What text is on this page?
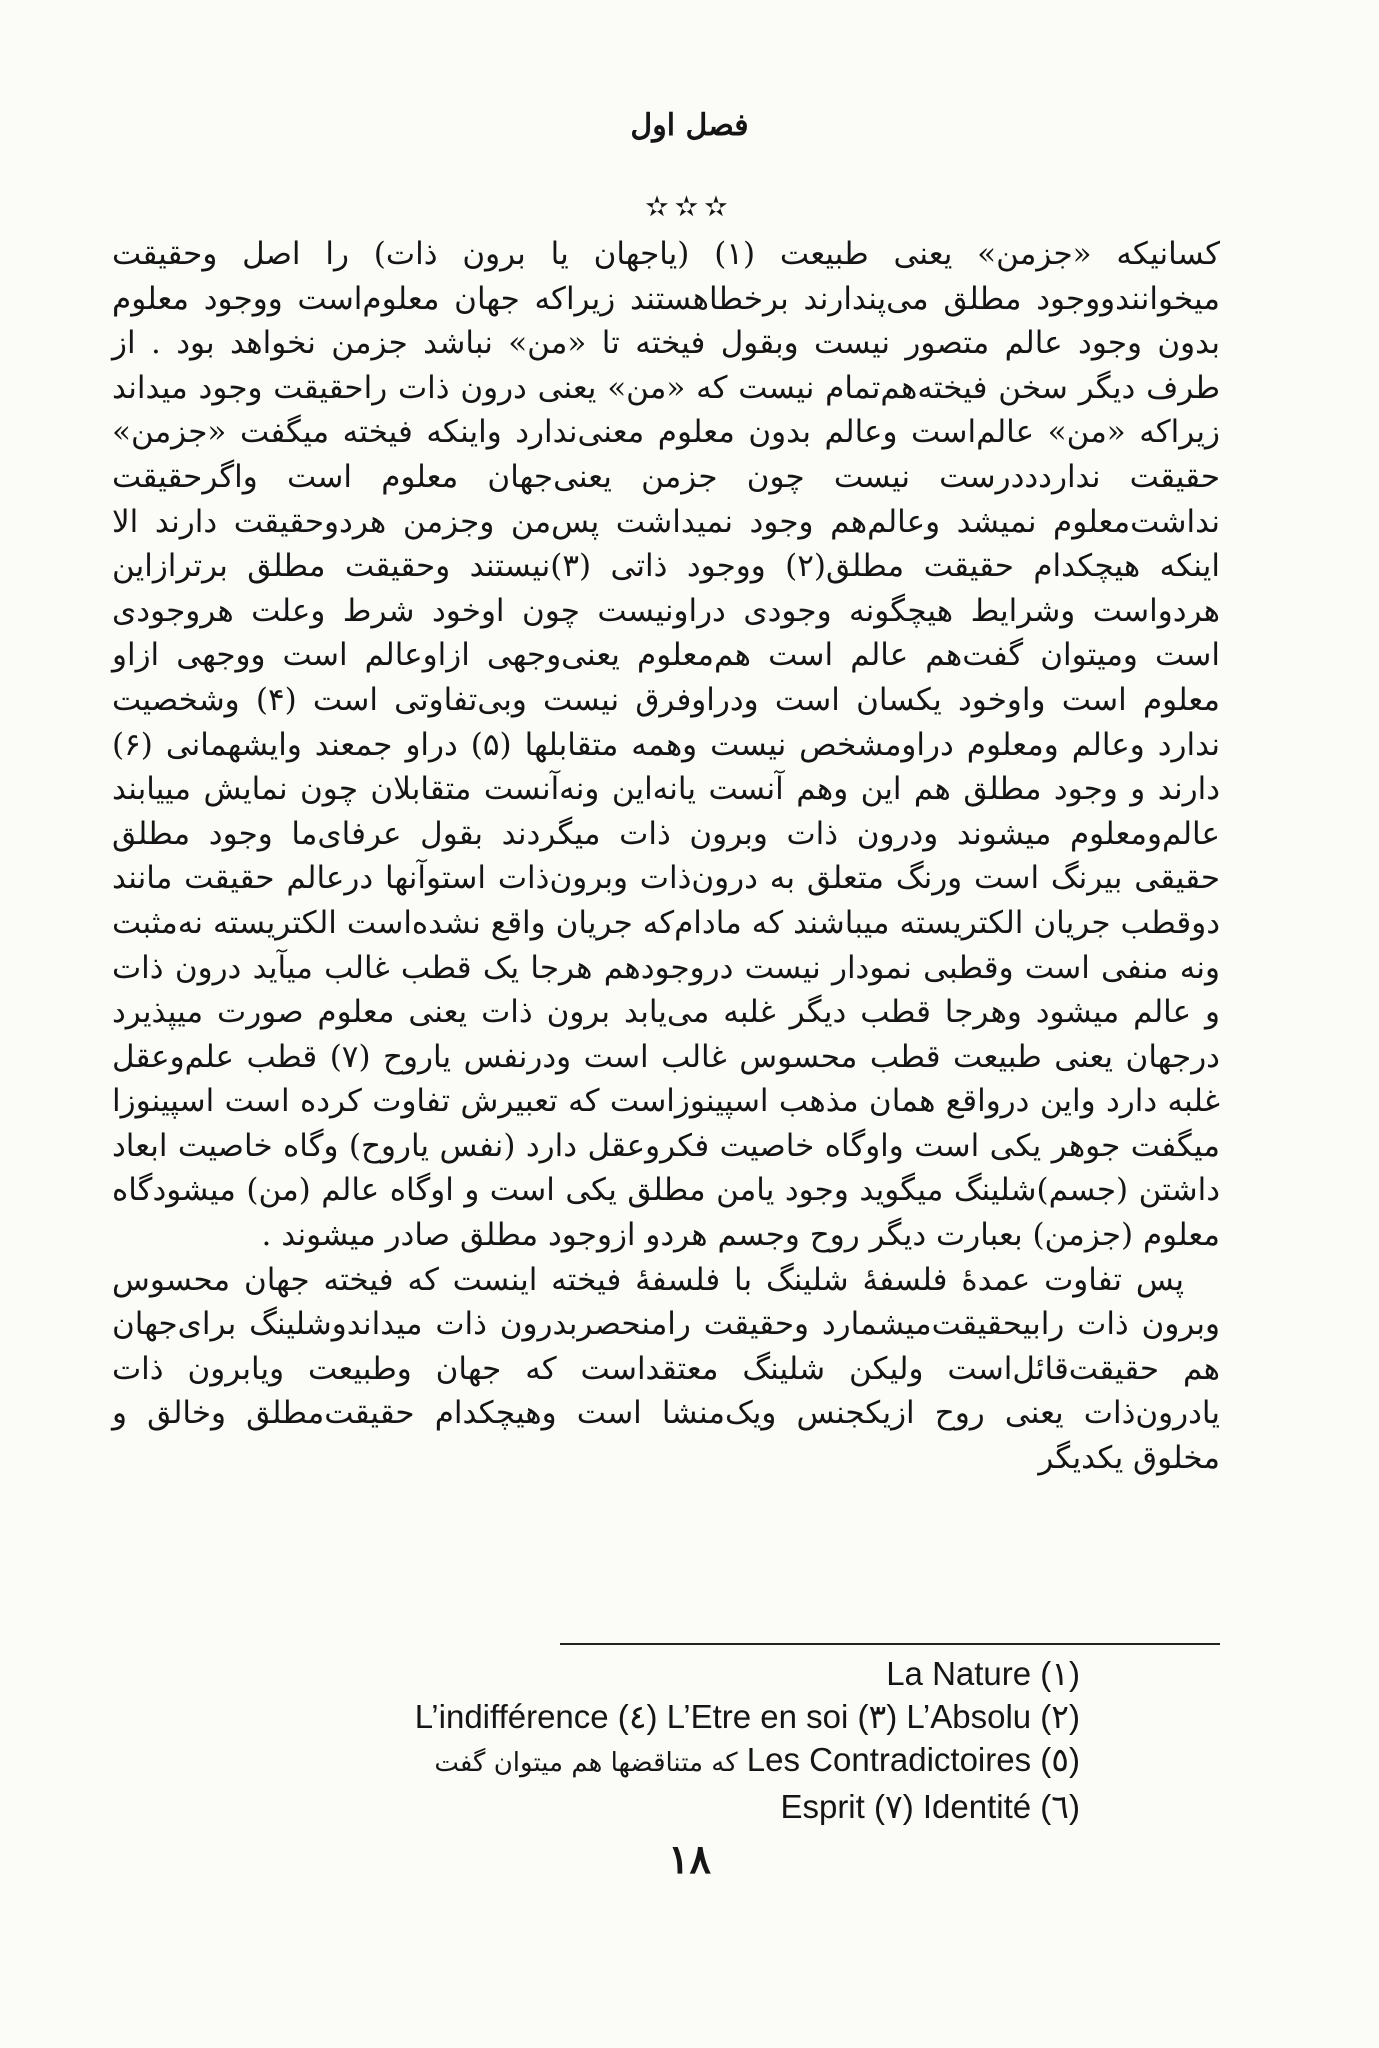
فصل اول
✫✫✫

کسانیکه «جزمن» یعنی طبیعت (۱) (یاجهان یا برون ذات) را اصل وحقیقت میخوانندووجود مطلق می‌پندارند برخطاهستند زیراکه جهان معلوم‌است ووجود معلوم بدون وجود عالم متصور نیست وبقول فیخته تا «من» نباشد جزمن نخواهد بود . از طرف دیگر سخن فیخته‌هم‌تمام نیست که «من» یعنی درون ذات راحقیقت وجود میداند زیراکه «من» عالم‌است وعالم بدون معلوم معنی‌ندارد واینکه فیخته میگفت «جزمن» حقیقت نداردددرست نیست چون جزمن یعنی‌جهان معلوم است واگرحقیقت نداشت‌معلوم نمیشد وعالم‌هم وجود نمیداشت پس‌من وجزمن هردوحقیقت دارند الا اینکه هیچکدام حقیقت مطلق(۲) ووجود ذاتی (۳)نیستند وحقیقت مطلق برتراز‌این هردواست وشرایط هیچگونه وجودی دراونیست چون اوخود شرط وعلت هروجودی است ومیتوان گفت‌هم عالم است هم‌معلوم یعنی‌وجهی ازاوعالم است ووجهی ازاو معلوم است واوخود یکسان است ودراوفرق نیست وبی‌تفاوتی است (۴) وشخصیت ندارد وعالم ومعلوم دراومشخص نیست وهمه متقابلها (۵) دراو جمعند وایشهمانی (۶) دارند و وجود مطلق هم این وهم آنست یانه‌این ونه‌آنست متقابلان چون نمایش مییابند عالم‌ومعلوم میشوند ودرون ذات وبرون ذات میگردند بقول عرفای‌ما وجود مطلق حقیقی بیرنگ است ورنگ متعلق به درون‌ذات وبرون‌ذات استوآنها درعالم حقیقت مانند دوقطب جریان الکتریسته میباشند که مادام‌که جریان واقع نشده‌است الکتریسته نه‌مثبت ونه منفی است وقطبی نمودار نیست دروجودهم هرجا یک قطب غالب میآید درون ذات و عالم میشود وهرجا قطب دیگر غلبه می‌یابد برون ذات یعنی معلوم صورت میپذیرد درجهان یعنی طبیعت قطب محسوس غالب است ودرنفس یاروح (۷) قطب علم‌وعقل غلبه دارد واین درواقع همان مذهب اسپینوزاست که تعبیرش تفاوت کرده است اسپینوزا میگفت جوهر یکی است واوگاه خاصیت فکروعقل دارد (نفس یاروح) وگاه خاصیت ابعاد داشتن (جسم)شلینگ میگوید وجود یامن مطلق یکی است و اوگاه عالم (من) میشودگاه معلوم (جزمن) بعبارت دیگر روح وجسم هردو ازوجود مطلق صادر میشوند .

پس تفاوت عمدهٔ فلسفهٔ شلینگ با فلسفهٔ فیخته اینست که فیخته جهان محسوس وبرون ذات رابیحقیقت‌میشمارد وحقیقت رامنحصربدرون ذات میداندوشلینگ برای‌جهان هم حقیقت‌قائل‌است ولیکن شلینگ معتقداست که جهان وطبیعت ویابرون ذات یادرون‌ذات یعنی روح ازیکجنس ویک‌منشا است وهیچکدام حقیقت‌مطلق وخالق و مخلوق یکدیگر

La Nature (۱)
L’indifférence (٤) L’Etre en soi (۳) L’Absolu (۲)
که متناقضها هم میتوان گفت Les Contradictoires (٥)
Esprit (۷) Identité (٦)
۱۸
